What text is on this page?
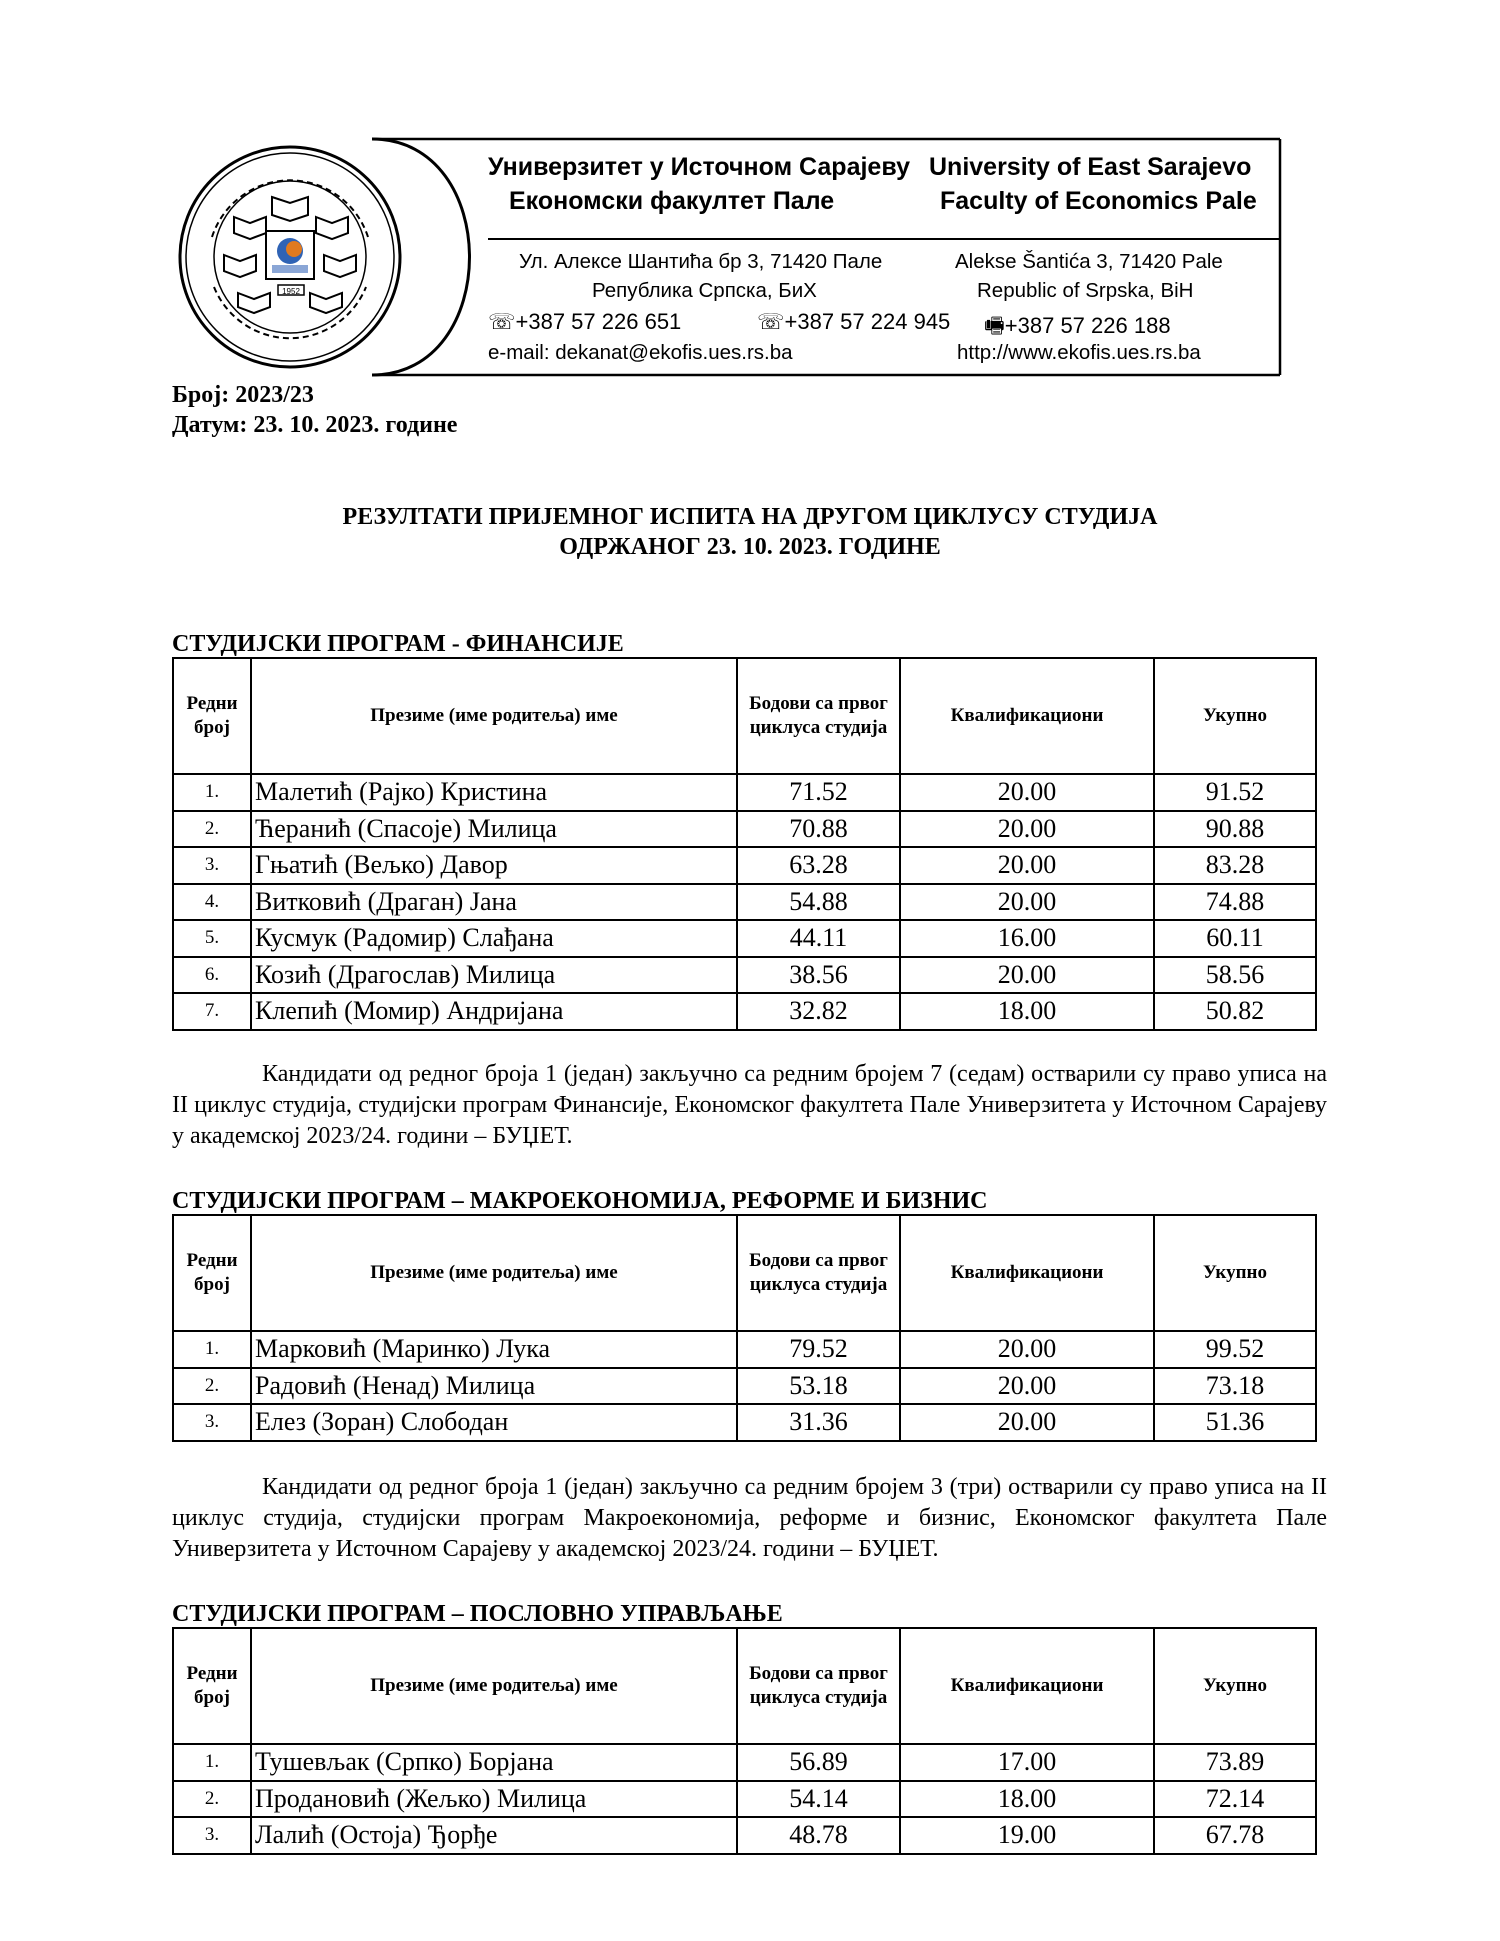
1952
Универзитет у Источном Сарајеву
Економски факултет Пале
University of East Sarajevo
Faculty of Economics Pale
Ул. Алексе Шантића бр 3, 71420 Пале
Република Српска, БиХ
Alekse Šantića 3, 71420 Pale
Republic of Srpska, BiH
☏+387 57 226 651	☏+387 57 224 945 🖷+387 57 226 188
e-mail: dekanat@ekofis.ues.rs.ba	http://www.ekofis.ues.rs.ba
Број: 2023/23
Датум: 23. 10. 2023. године
РЕЗУЛТАТИ ПРИЈЕМНОГ ИСПИТА НА ДРУГОМ ЦИКЛУСУ СТУДИЈА
ОДРЖАНОГ 23. 10. 2023. ГОДИНЕ
СТУДИЈСКИ ПРОГРАМ - ФИНАНСИЈЕ
Редни број	Презиме (име родитеља) име	Бодови са првог циклуса студија	Квалификациони	Укупно
1.	Малетић (Рајко) Кристина	71.52	20.00	91.52
2.	Ћеранић (Спасоје) Милица	70.88	20.00	90.88
3.	Гњатић (Вељко) Давор	63.28	20.00	83.28
4.	Витковић (Драган) Јана	54.88	20.00	74.88
5.	Кусмук (Радомир) Слађана	44.11	16.00	60.11
6.	Козић (Драгослав) Милица	38.56	20.00	58.56
7.	Клепић (Момир) Андријана	32.82	18.00	50.82
Кандидати од редног броја 1 (један) закључно са редним бројем 7 (седам) остварили су право уписа на II циклус студија, студијски програм Финансије, Економског факултета Пале Универзитета у Источном Сарајеву у академској 2023/24. години – БУЏЕТ.
СТУДИЈСКИ ПРОГРАМ – МАКРОЕКОНОМИЈА, РЕФОРМЕ И БИЗНИС
Редни број	Презиме (име родитеља) име	Бодови са првог циклуса студија	Квалификациони	Укупно
1.	Марковић (Маринко) Лука	79.52	20.00	99.52
2.	Радовић (Ненад) Милица	53.18	20.00	73.18
3.	Елез (Зоран) Слободан	31.36	20.00	51.36
Кандидати од редног броја 1 (један) закључно са редним бројем 3 (три) остварили су право уписа на II циклус студија, студијски програм Макроекономија, реформе и бизнис, Економског факултета Пале Универзитета у Источном Сарајеву у академској 2023/24. години – БУЏЕТ.
СТУДИЈСКИ ПРОГРАМ – ПОСЛОВНО УПРАВЉАЊЕ
Редни број	Презиме (име родитеља) име	Бодови са првог циклуса студија	Квалификациони	Укупно
1.	Тушевљак (Српко) Борјана	56.89	17.00	73.89
2.	Продановић (Жељко) Милица	54.14	18.00	72.14
3.	Лалић (Остоја) Ђорђе	48.78	19.00	67.78
